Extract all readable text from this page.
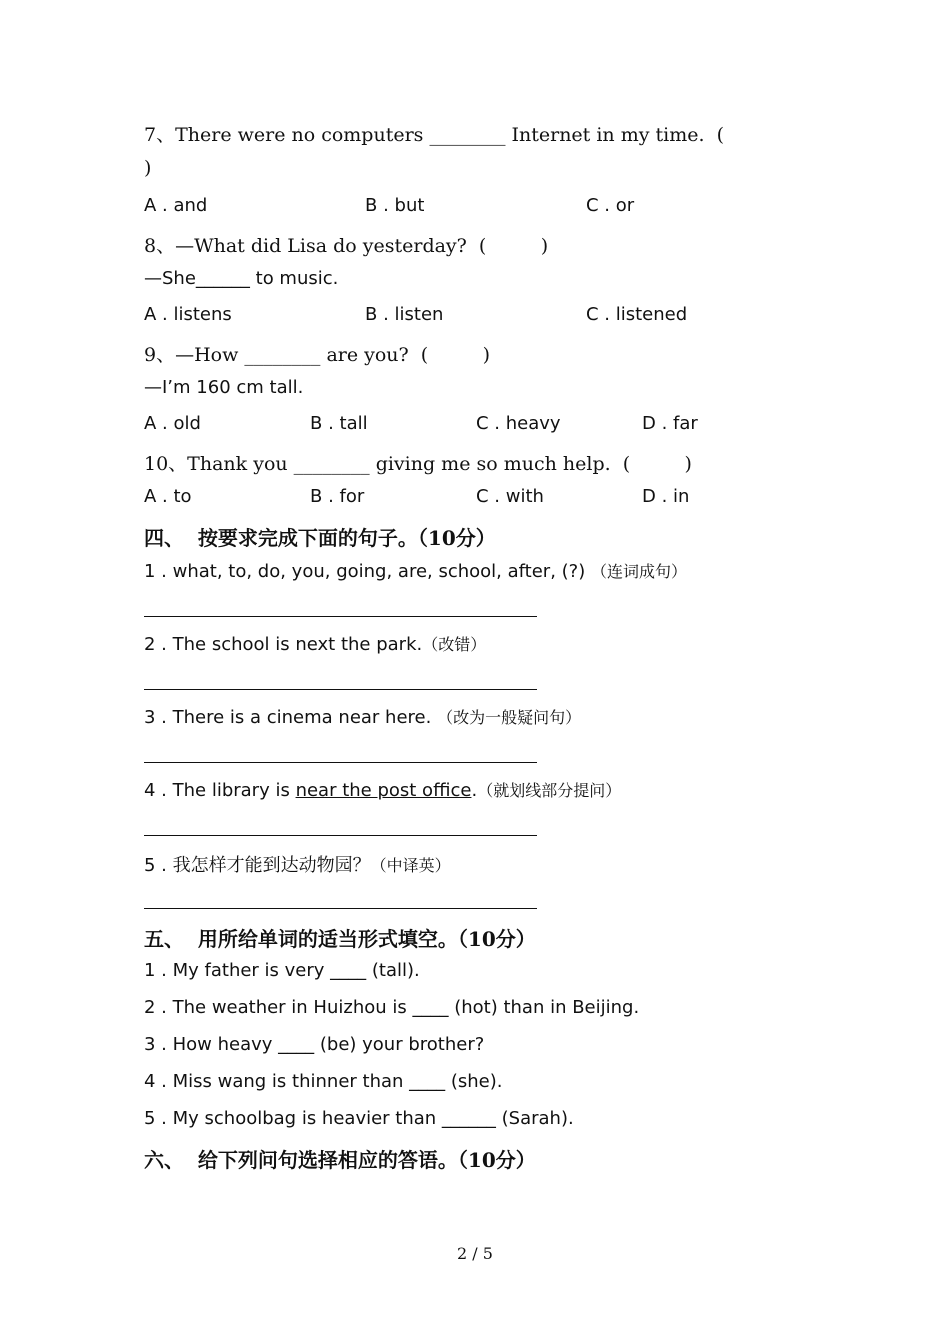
7、There were no computers ________ Internet in my time.  (
)
A . and	B . but	C . or
8、—What did Lisa do yesterday?  (         )
—She______ to music.
A . listens	B . listen	C . listened
9、—How ________ are you?  (         )
—I’m 160 cm tall.
A . old	B . tall	C . heavy	D . far
10、Thank you ________ giving me so much help.  (         )
A . to	B . for	C . with	D . in
四、  按要求完成下面的句子。（10分）
1 . what, to, do, you, going, are, school, after, (?) （连词成句）
2 . The school is next the park.（改错）
3 . There is a cinema near here. （改为一般疑问句）
4 . The library is near the post office.（就划线部分提问）
5 . 我怎样才能到达动物园？（中译英）
五、  用所给单词的适当形式填空。（10分）
1 . My father is very ____ (tall).
2 . The weather in Huizhou is ____ (hot) than in Beijing.
3 . How heavy ____ (be) your brother?
4 . Miss wang is thinner than ____ (she).
5 . My schoolbag is heavier than ______ (Sarah).
六、  给下列问句选择相应的答语。（10分）
2 / 5
